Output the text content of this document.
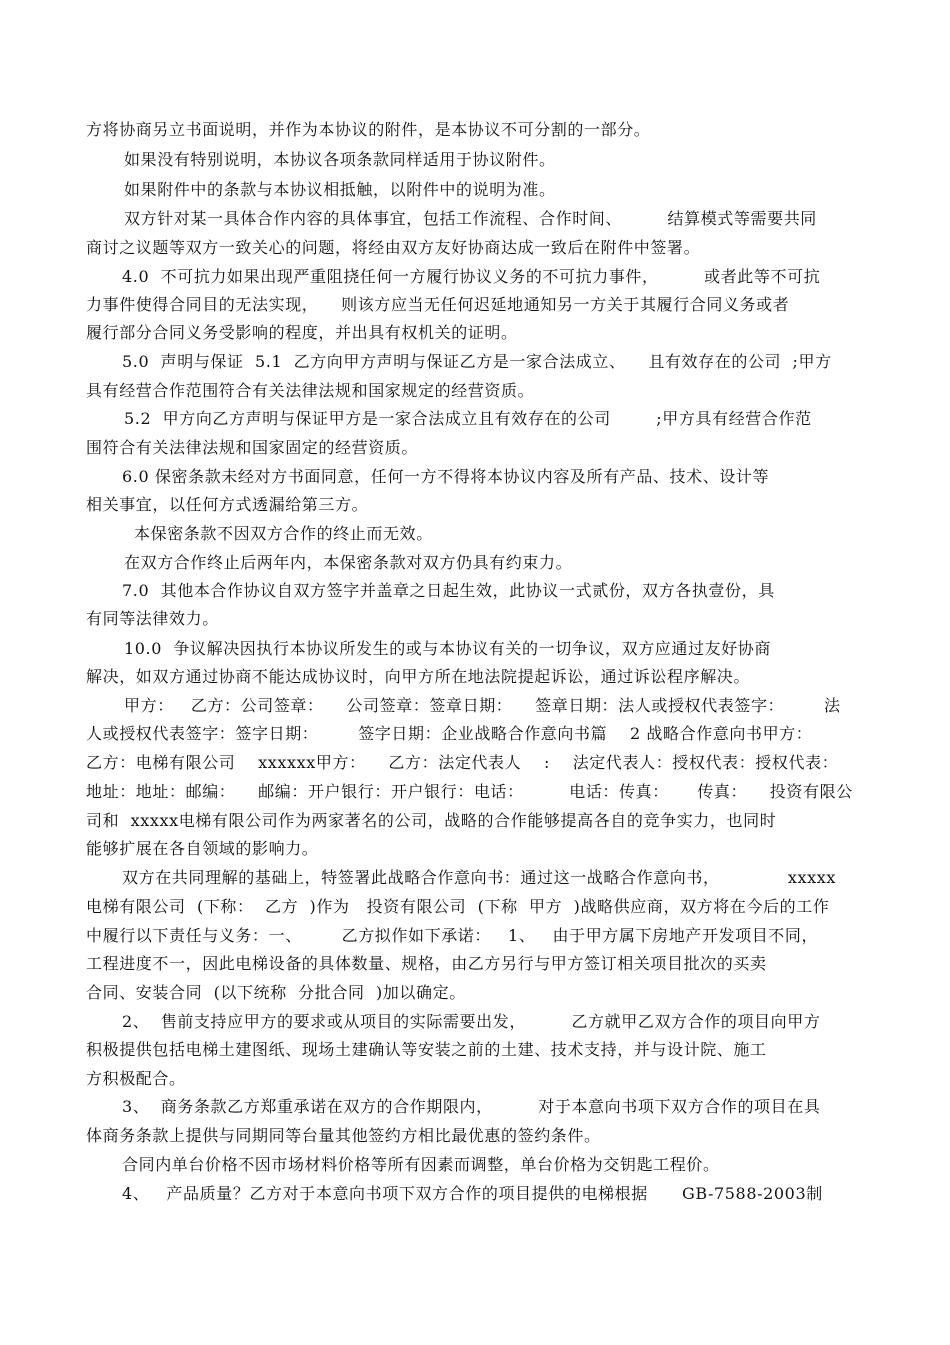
方将协商另立书面说明，并作为本协议的附件，是本协议不可分割的一部分。
如果没有特别说明，本协议各项条款同样适用于协议附件。
如果附件中的条款与本协议相抵触，以附件中的说明为准。
双方针对某一具体合作内容的具体事宜，包括工作流程、合作时间、        结算模式等需要共同
商讨之议题等双方一致关心的问题，将经由双方友好协商达成一致后在附件中签署。
4.0  不可抗力如果出现严重阻挠任何一方履行协议义务的不可抗力事件，        或者此等不可抗
力事件使得合同目的无法实现，    则该方应当无任何迟延地通知另一方关于其履行合同义务或者
履行部分合同义务受影响的程度，并出具有权机关的证明。
5.0  声明与保证  5.1  乙方向甲方声明与保证乙方是一家合法成立、    且有效存在的公司  ;甲方
具有经营合作范围符合有关法律法规和国家规定的经营资质。
5.2  甲方向乙方声明与保证甲方是一家合法成立且有效存在的公司        ;甲方具有经营合作范
围符合有关法律法规和国家固定的经营资质。
6.0 保密条款未经对方书面同意，任何一方不得将本协议内容及所有产品、技术、设计等
相关事宜，以任何方式透漏给第三方。
本保密条款不因双方合作的终止而无效。
在双方合作终止后两年内，本保密条款对双方仍具有约束力。
7.0  其他本合作协议自双方签字并盖章之日起生效，此协议一式贰份，双方各执壹份，具
有同等法律效力。
10.0  争议解决因执行本协议所发生的或与本协议有关的一切争议，双方应通过友好协商
解决，如双方通过协商不能达成协议时，向甲方所在地法院提起诉讼，通过诉讼程序解决。
甲方：   乙方：公司签章：    公司签章：签章日期：    签章日期：法人或授权代表签字：       法
人或授权代表签字：签字日期：       签字日期：企业战略合作意向书篇    2 战略合作意向书甲方：
乙方：电梯有限公司    xxxxxx甲方：    乙方：法定代表人    :    法定代表人：授权代表：授权代表：
地址：地址：邮编：    邮编：开户银行：开户银行：电话：        电话：传真：     传真：    投资有限公
司和  xxxxx电梯有限公司作为两家著名的公司，战略的合作能够提高各自的竞争实力，也同时
能够扩展在各自领域的影响力。
双方在共同理解的基础上，特签署此战略合作意向书：通过这一战略合作意向书，            xxxxx
电梯有限公司  (下称：  乙方  )作为   投资有限公司  (下称  甲方  )战略供应商，双方将在今后的工作
中履行以下责任与义务：一、       乙方拟作如下承诺：   1、   由于甲方属下房地产开发项目不同，
工程进度不一，因此电梯设备的具体数量、规格，由乙方另行与甲方签订相关项目批次的买卖
合同、安装合同  (以下统称  分批合同  )加以确定。
2、  售前支持应甲方的要求或从项目的实际需要出发，        乙方就甲乙双方合作的项目向甲方
积极提供包括电梯土建图纸、现场土建确认等安装之前的土建、技术支持，并与设计院、施工
方积极配合。
3、  商务条款乙方郑重承诺在双方的合作期限内，        对于本意向书项下双方合作的项目在具
体商务条款上提供与同期同等台量其他签约方相比最优惠的签约条件。
合同内单台价格不因市场材料价格等所有因素而调整，单台价格为交钥匙工程价。
4、   产品质量？乙方对于本意向书项下双方合作的项目提供的电梯根据      GB-7588-2003制
